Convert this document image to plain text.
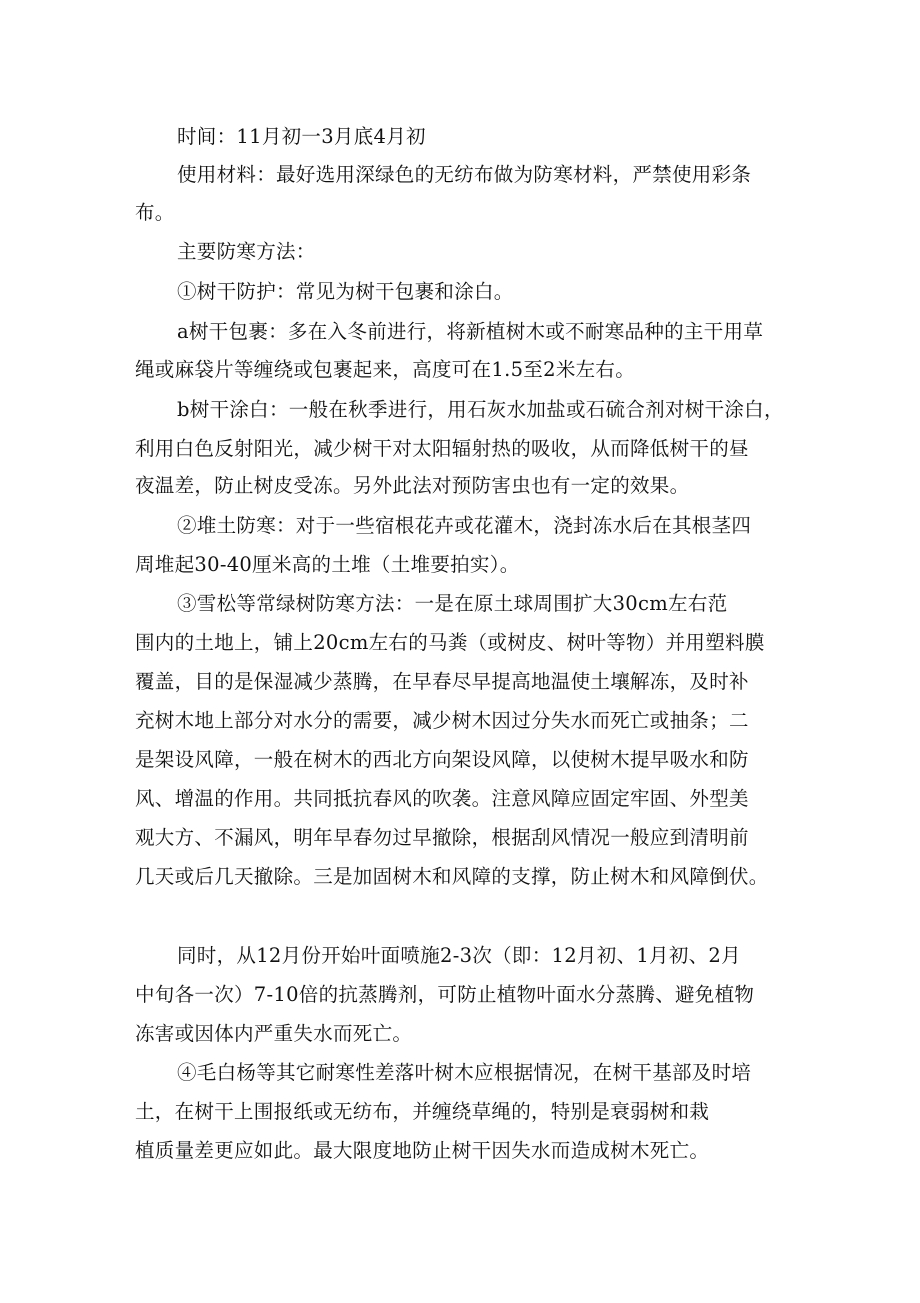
时间：11月初一3月底4月初

使用材料：最好选用深绿色的无纺布做为防寒材料，严禁使用彩条

布。

主要防寒方法：

①树干防护：常见为树干包裹和涂白。

a树干包裹：多在入冬前进行，将新植树木或不耐寒品种的主干用草

绳或麻袋片等缠绕或包裹起来，高度可在1.5至2米左右。

b树干涂白：一般在秋季进行，用石灰水加盐或石硫合剂对树干涂白，

利用白色反射阳光，减少树干对太阳辐射热的吸收，从而降低树干的昼

夜温差，防止树皮受冻。另外此法对预防害虫也有一定的效果。

②堆土防寒：对于一些宿根花卉或花灌木，浇封冻水后在其根茎四

周堆起30-40厘米高的土堆（土堆要拍实）。

③雪松等常绿树防寒方法：一是在原土球周围扩大30cm左右范

围内的土地上，铺上20cm左右的马粪（或树皮、树叶等物）并用塑料膜

覆盖，目的是保湿减少蒸腾，在早春尽早提高地温使土壤解冻，及时补

充树木地上部分对水分的需要，减少树木因过分失水而死亡或抽条；二

是架设风障，一般在树木的西北方向架设风障，以使树木提早吸水和防

风、增温的作用。共同抵抗春风的吹袭。注意风障应固定牢固、外型美

观大方、不漏风，明年早春勿过早撤除，根据刮风情况一般应到清明前

几天或后几天撤除。三是加固树木和风障的支撑，防止树木和风障倒伏。

同时，从12月份开始叶面喷施2-3次（即：12月初、1月初、2月

中旬各一次）7-10倍的抗蒸腾剂，可防止植物叶面水分蒸腾、避免植物

冻害或因体内严重失水而死亡。

④毛白杨等其它耐寒性差落叶树木应根据情况，在树干基部及时培

土，在树干上围报纸或无纺布，并缠绕草绳的，特别是衰弱树和栽

植质量差更应如此。最大限度地防止树干因失水而造成树木死亡。
